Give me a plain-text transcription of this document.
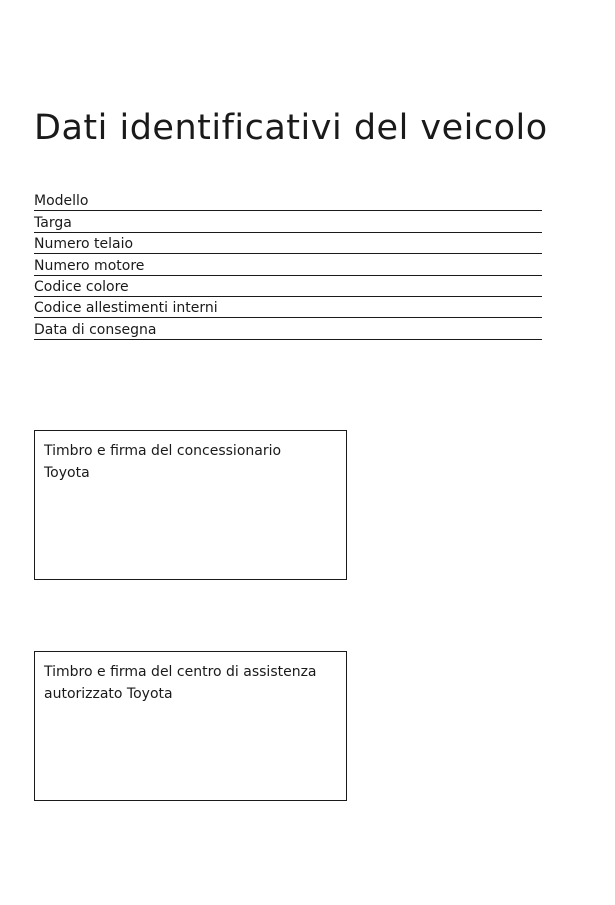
Dati identificativi del veicolo
Modello
Targa
Numero telaio
Numero motore
Codice colore
Codice allestimenti interni
Data di consegna

Timbro e firma del concessionario Toyota

Timbro e firma del centro di assistenza autorizzato Toyota
